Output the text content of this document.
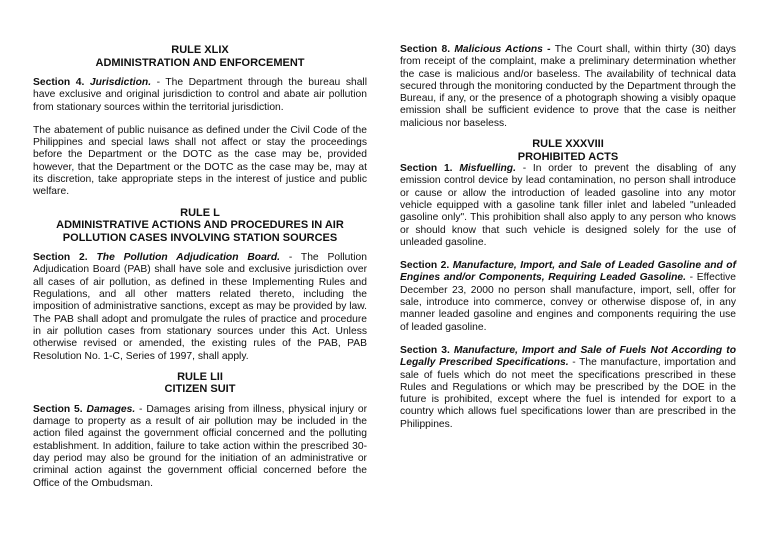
RULE XLIX
ADMINISTRATION AND ENFORCEMENT

Section 4. Jurisdiction. - The Department through the bureau shall have exclusive and original jurisdiction to control and abate air pollution from stationary sources within the territorial jurisdiction.

The abatement of public nuisance as defined under the Civil Code of the Philippines and special laws shall not affect or stay the proceedings before the Department or the DOTC as the case may be, provided however, that the Department or the DOTC as the case may be, may at its discretion, take appropriate steps in the interest of justice and public welfare.

RULE L
ADMINISTRATIVE ACTIONS AND PROCEDURES IN AIR POLLUTION CASES INVOLVING STATION SOURCES

Section 2. The Pollution Adjudication Board. - The Pollution Adjudication Board (PAB) shall have sole and exclusive jurisdiction over all cases of air pollution, as defined in these Implementing Rules and Regulations, and all other matters related thereto, including the imposition of administrative sanctions, except as may be provided by law. The PAB shall adopt and promulgate the rules of practice and procedure in air pollution cases from stationary sources under this Act. Unless otherwise revised or amended, the existing rules of the PAB, PAB Resolution No. 1-C, Series of 1997, shall apply.

RULE LII
CITIZEN SUIT

Section 5. Damages. - Damages arising from illness, physical injury or damage to property as a result of air pollution may be included in the action filed against the government official concerned and the polluting establishment. In addition, failure to take action within the prescribed 30-day period may also be ground for the initiation of an administrative or criminal action against the government official concerned before the Office of the Ombudsman.

Section 8. Malicious Actions - The Court shall, within thirty (30) days from receipt of the complaint, make a preliminary determination whether the case is malicious and/or baseless. The availability of technical data secured through the monitoring conducted by the Department through the Bureau, if any, or the presence of a photograph showing a visibly opaque emission shall be sufficient evidence to prove that the case is neither malicious nor baseless.

RULE XXXVIII
PROHIBITED ACTS

Section 1. Misfuelling. - In order to prevent the disabling of any emission control device by lead contamination, no person shall introduce or cause or allow the introduction of leaded gasoline into any motor vehicle equipped with a gasoline tank filler inlet and labeled "unleaded gasoline only". This prohibition shall also apply to any person who knows or should know that such vehicle is designed solely for the use of unleaded gasoline.

Section 2. Manufacture, Import, and Sale of Leaded Gasoline and of Engines and/or Components, Requiring Leaded Gasoline. - Effective December 23, 2000 no person shall manufacture, import, sell, offer for sale, introduce into commerce, convey or otherwise dispose of, in any manner leaded gasoline and engines and components requiring the use of leaded gasoline.

Section 3. Manufacture, Import and Sale of Fuels Not According to Legally Prescribed Specifications. - The manufacture, importation and sale of fuels which do not meet the specifications prescribed in these Rules and Regulations or which may be prescribed by the DOE in the future is prohibited, except where the fuel is intended for export to a country which allows fuel specifications lower than are prescribed in the Philippines.
